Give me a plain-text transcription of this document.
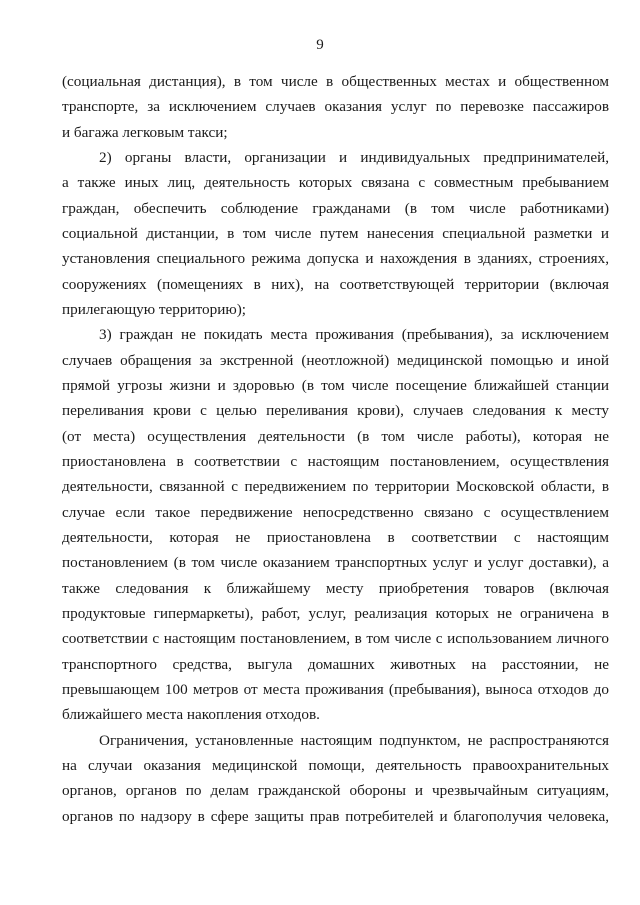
9
(социальная дистанция), в том числе в общественных местах и общественном
транспорте, за исключением случаев оказания услуг по перевозке пассажиров
и багажа легковым такси;
2) органы власти, организации и индивидуальных предпринимателей,
а также иных лиц, деятельность которых связана с совместным пребыванием
граждан, обеспечить соблюдение гражданами (в том числе работниками)
социальной дистанции, в том числе путем нанесения специальной разметки и
установления специального режима допуска и нахождения в зданиях, строениях,
сооружениях (помещениях в них), на соответствующей территории (включая
прилегающую территорию);
3) граждан не покидать места проживания (пребывания), за исключением
случаев обращения за экстренной (неотложной) медицинской помощью и иной
прямой угрозы жизни и здоровью (в том числе посещение ближайшей станции
переливания крови с целью переливания крови), случаев следования к месту
(от места) осуществления деятельности (в том числе работы), которая не
приостановлена в соответствии с настоящим постановлением, осуществления
деятельности, связанной с передвижением по территории Московской области, в
случае если такое передвижение непосредственно связано с осуществлением
деятельности, которая не приостановлена в соответствии с настоящим
постановлением (в том числе оказанием транспортных услуг и услуг доставки), а
также следования к ближайшему месту приобретения товаров (включая
продуктовые гипермаркеты), работ, услуг, реализация которых не ограничена в
соответствии с настоящим постановлением, в том числе с использованием личного
транспортного средства, выгула домашних животных на расстоянии, не
превышающем 100 метров от места проживания (пребывания), выноса отходов до
ближайшего места накопления отходов.
Ограничения, установленные настоящим подпунктом, не распространяются
на случаи оказания медицинской помощи, деятельность правоохранительных
органов, органов по делам гражданской обороны и чрезвычайным ситуациям,
органов по надзору в сфере защиты прав потребителей и благополучия человека,
